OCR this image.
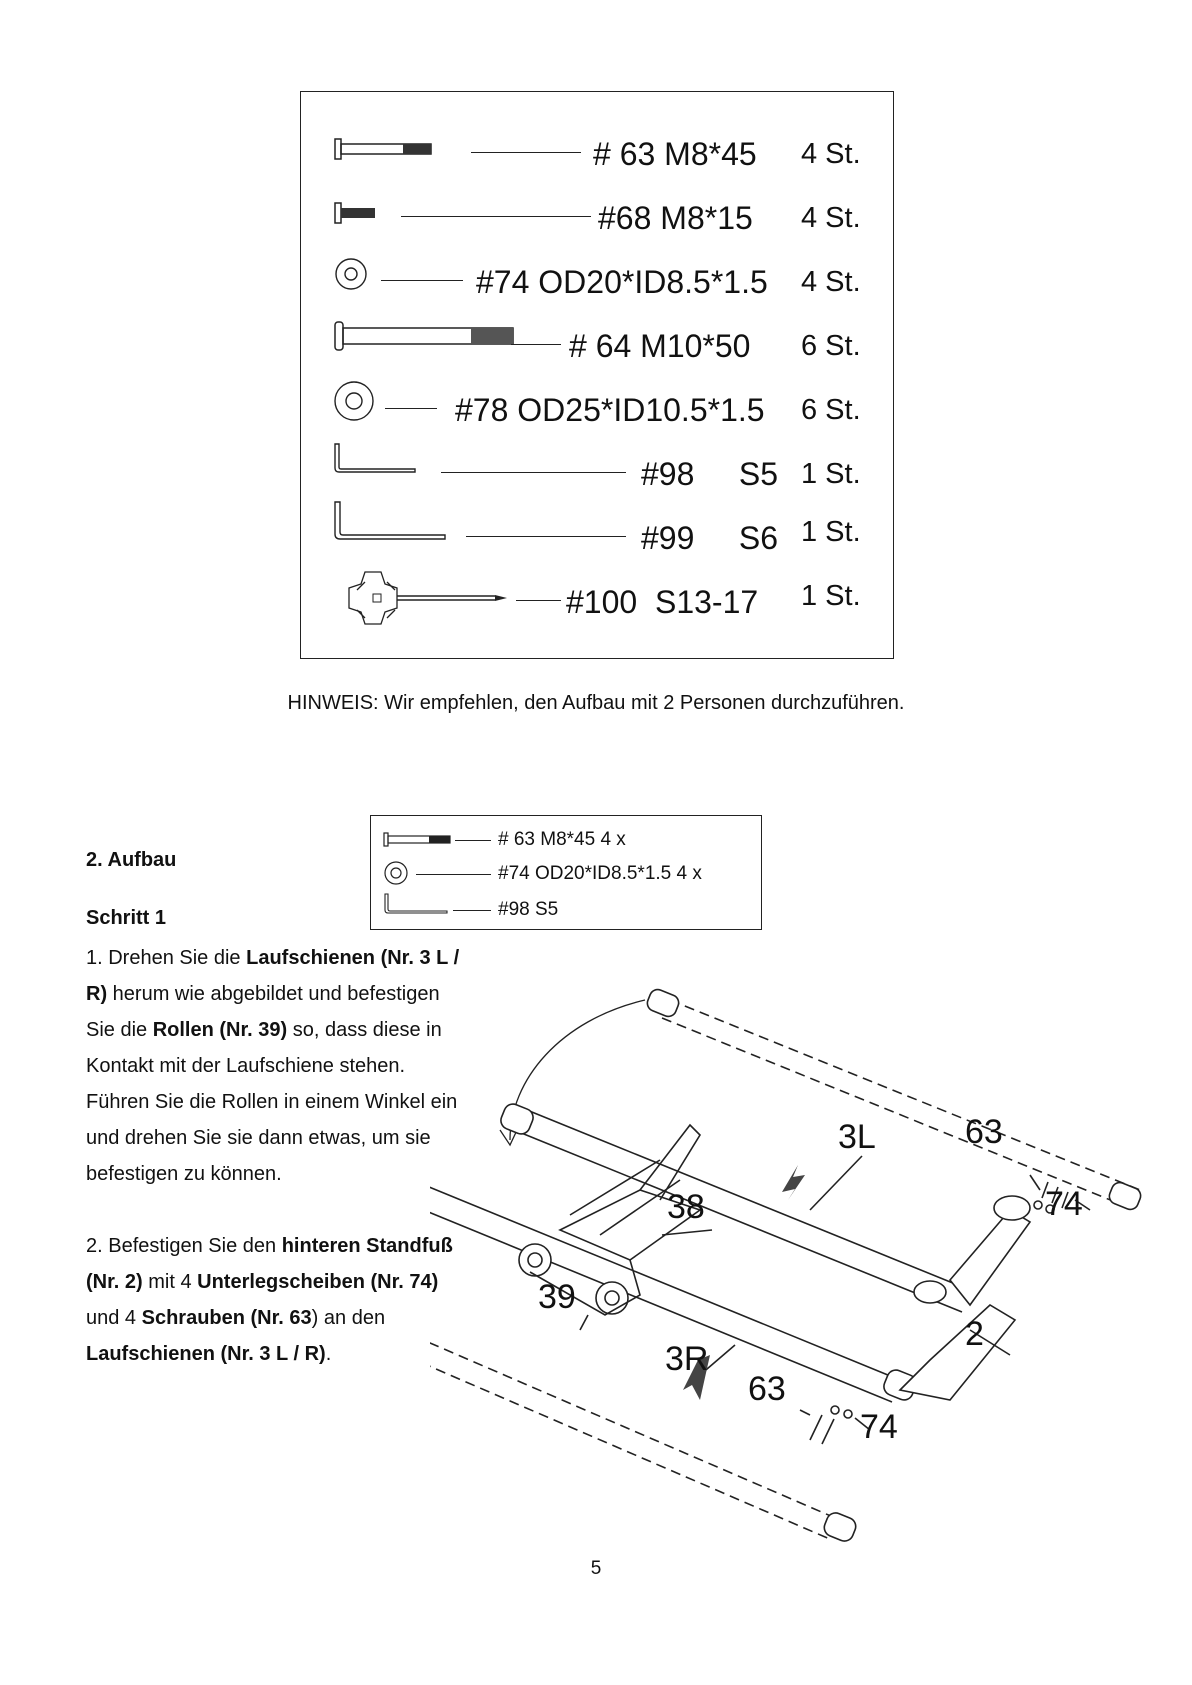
# 63 M8*45 4 St.
#68 M8*15 4 St.
#74 OD20*ID8.5*1.5 4 St.
# 64 M10*50 6 St.
#78 OD25*ID10.5*1.5 6 St.
#98     S5 1 St.
#99     S6 1 St.
#100  S13-17 1 St.
HINWEIS: Wir empfehlen, den Aufbau mit 2 Personen durchzuführen.
2. Aufbau
Schritt 1
# 63 M8*45 4 x
#74 OD20*ID8.5*1.5 4 x
#98 S5

1. Drehen Sie die Laufschienen (Nr. 3 L / R) herum wie abgebildet und befestigen Sie die Rollen (Nr. 39) so, dass diese in Kontakt mit der Laufschiene stehen. Führen Sie die Rollen in einem Winkel ein und drehen Sie sie dann etwas, um sie befestigen zu können.

2. Befestigen Sie den hinteren Standfuß (Nr. 2) mit 4 Unterlegscheiben (Nr. 74) und 4 Schrauben (Nr. 63) an den Laufschienen (Nr. 3 L / R).

3L
3R
63
74
38
39
2
63
74
5
